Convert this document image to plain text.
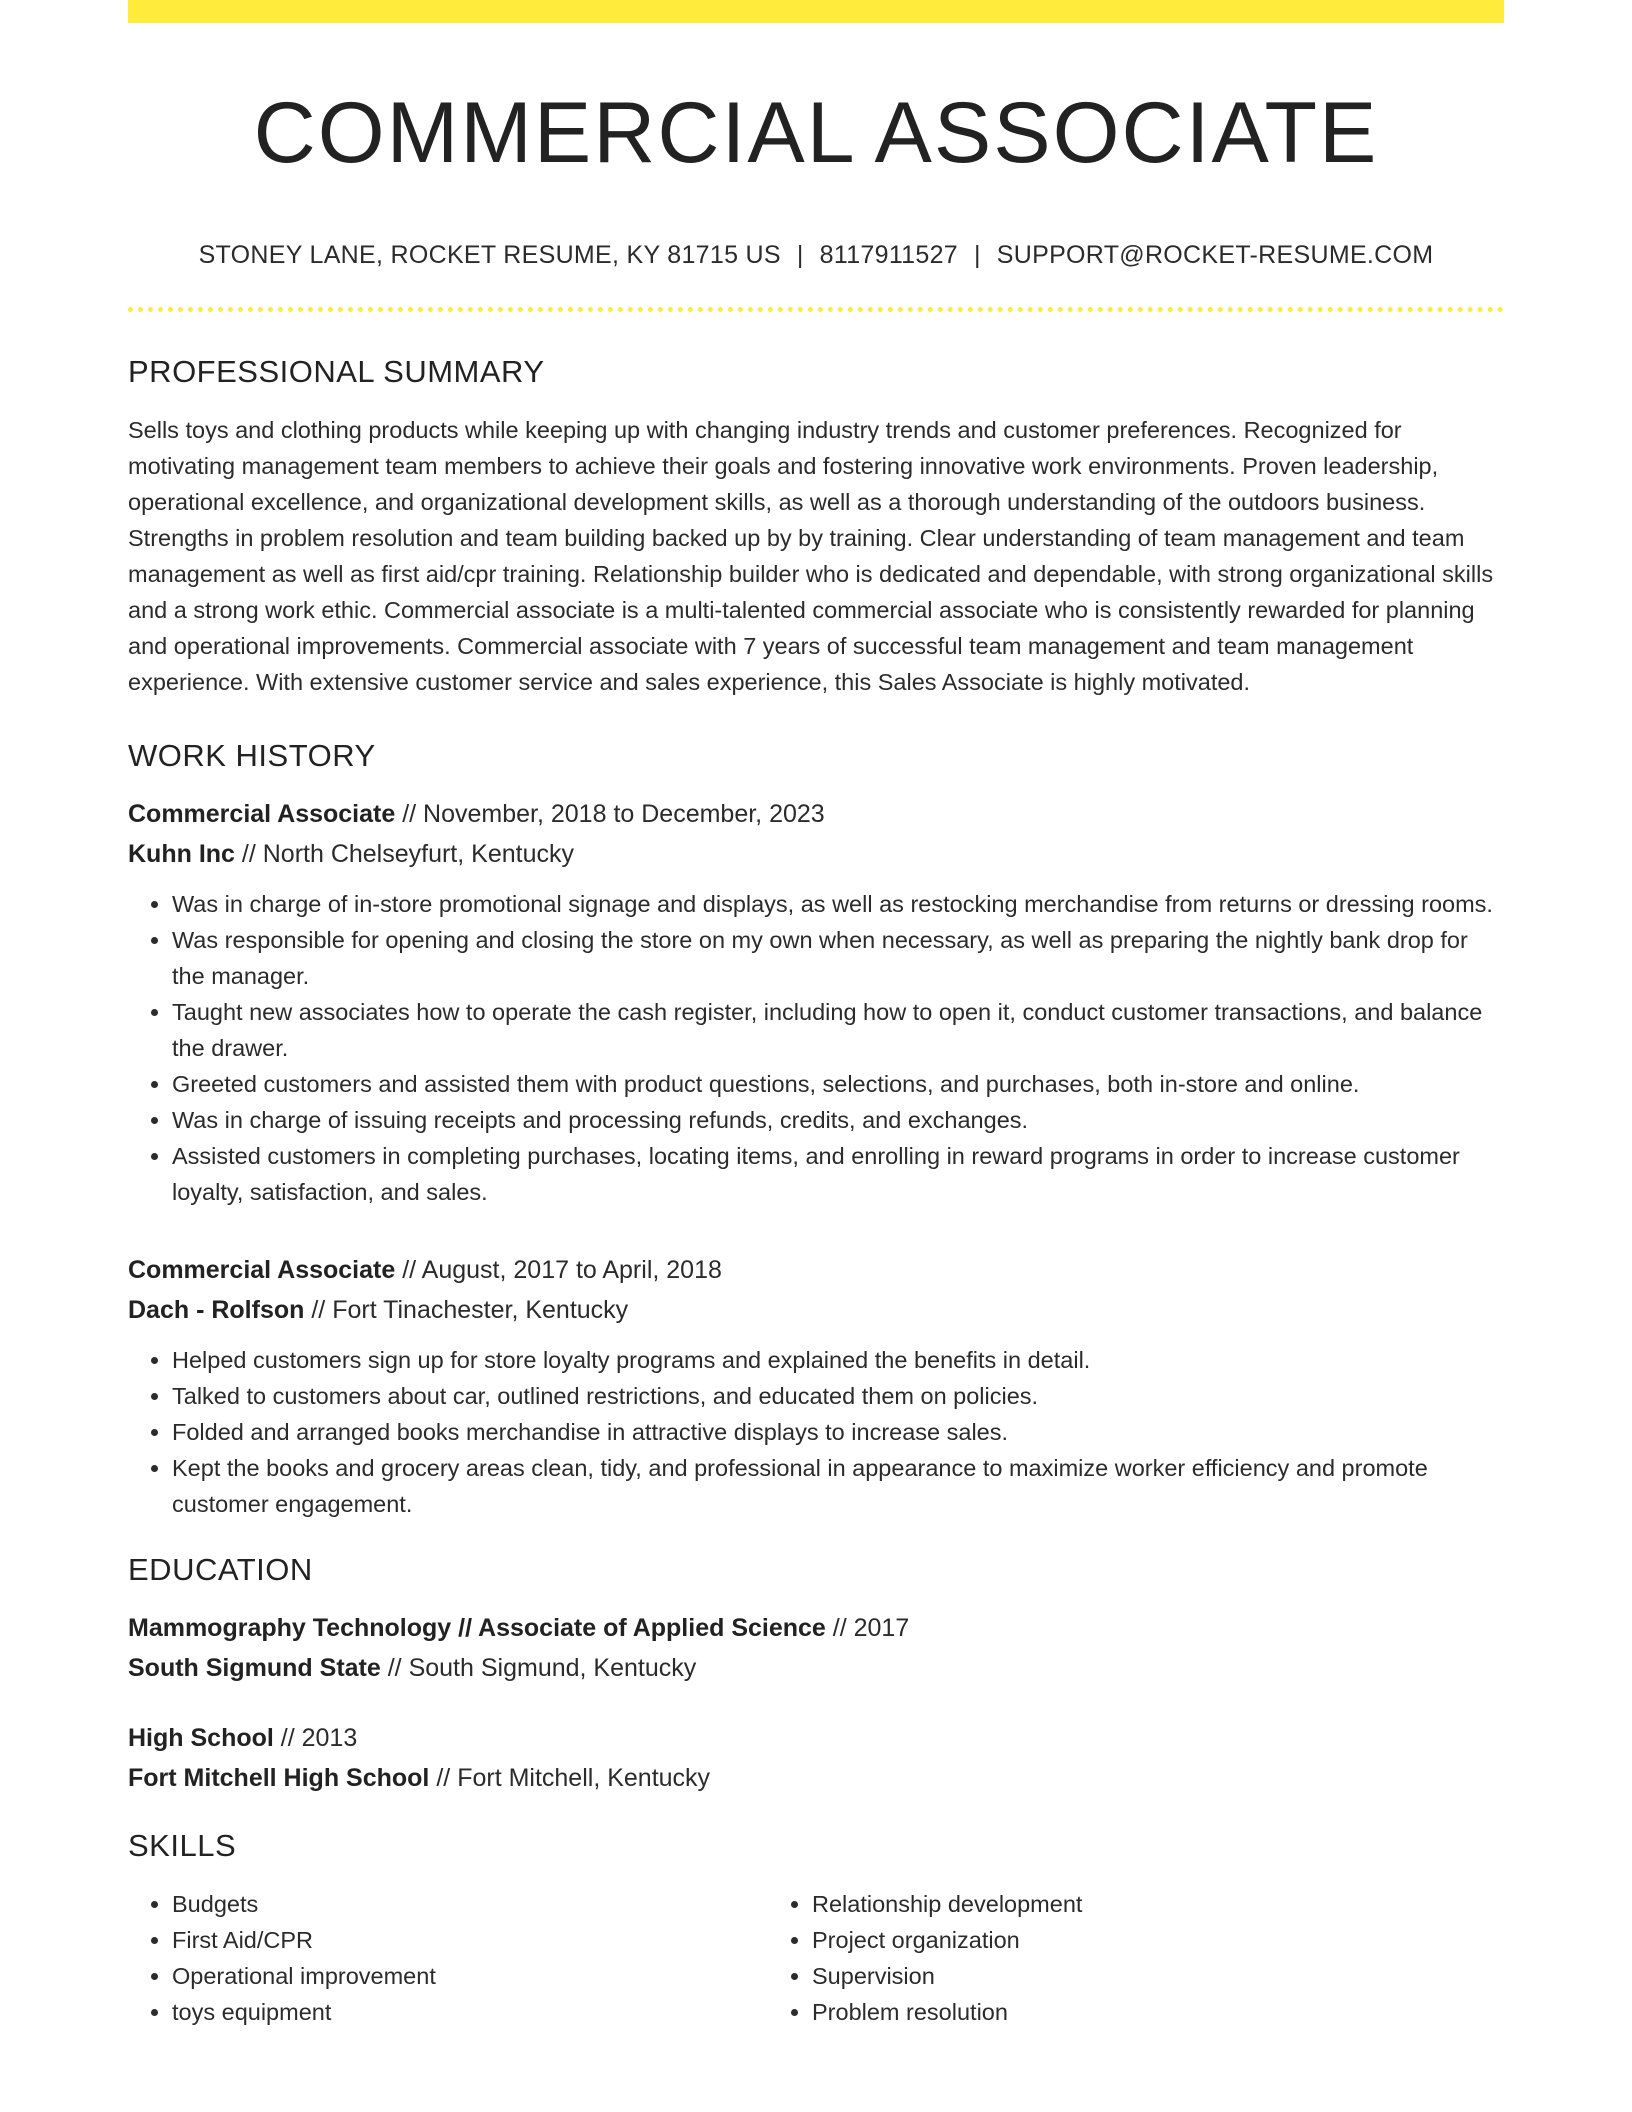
COMMERCIAL ASSOCIATE
STONEY LANE, ROCKET RESUME, KY 81715 US | 8117911527 | SUPPORT@ROCKET-RESUME.COM
PROFESSIONAL SUMMARY
Sells toys and clothing products while keeping up with changing industry trends and customer preferences. Recognized for motivating management team members to achieve their goals and fostering innovative work environments. Proven leadership, operational excellence, and organizational development skills, as well as a thorough understanding of the outdoors business. Strengths in problem resolution and team building backed up by by training. Clear understanding of team management and team management as well as first aid/cpr training. Relationship builder who is dedicated and dependable, with strong organizational skills and a strong work ethic. Commercial associate is a multi-talented commercial associate who is consistently rewarded for planning and operational improvements. Commercial associate with 7 years of successful team management and team management experience. With extensive customer service and sales experience, this Sales Associate is highly motivated.
WORK HISTORY
Commercial Associate // November, 2018 to December, 2023
Kuhn Inc // North Chelseyfurt, Kentucky
• Was in charge of in-store promotional signage and displays, as well as restocking merchandise from returns or dressing rooms.
• Was responsible for opening and closing the store on my own when necessary, as well as preparing the nightly bank drop for the manager.
• Taught new associates how to operate the cash register, including how to open it, conduct customer transactions, and balance the drawer.
• Greeted customers and assisted them with product questions, selections, and purchases, both in-store and online.
• Was in charge of issuing receipts and processing refunds, credits, and exchanges.
• Assisted customers in completing purchases, locating items, and enrolling in reward programs in order to increase customer loyalty, satisfaction, and sales.
Commercial Associate // August, 2017 to April, 2018
Dach - Rolfson // Fort Tinachester, Kentucky
• Helped customers sign up for store loyalty programs and explained the benefits in detail.
• Talked to customers about car, outlined restrictions, and educated them on policies.
• Folded and arranged books merchandise in attractive displays to increase sales.
• Kept the books and grocery areas clean, tidy, and professional in appearance to maximize worker efficiency and promote customer engagement.
EDUCATION
Mammography Technology // Associate of Applied Science // 2017
South Sigmund State // South Sigmund, Kentucky
High School // 2013
Fort Mitchell High School // Fort Mitchell, Kentucky
SKILLS
• Budgets
• First Aid/CPR
• Operational improvement
• toys equipment
• Relationship development
• Project organization
• Supervision
• Problem resolution
